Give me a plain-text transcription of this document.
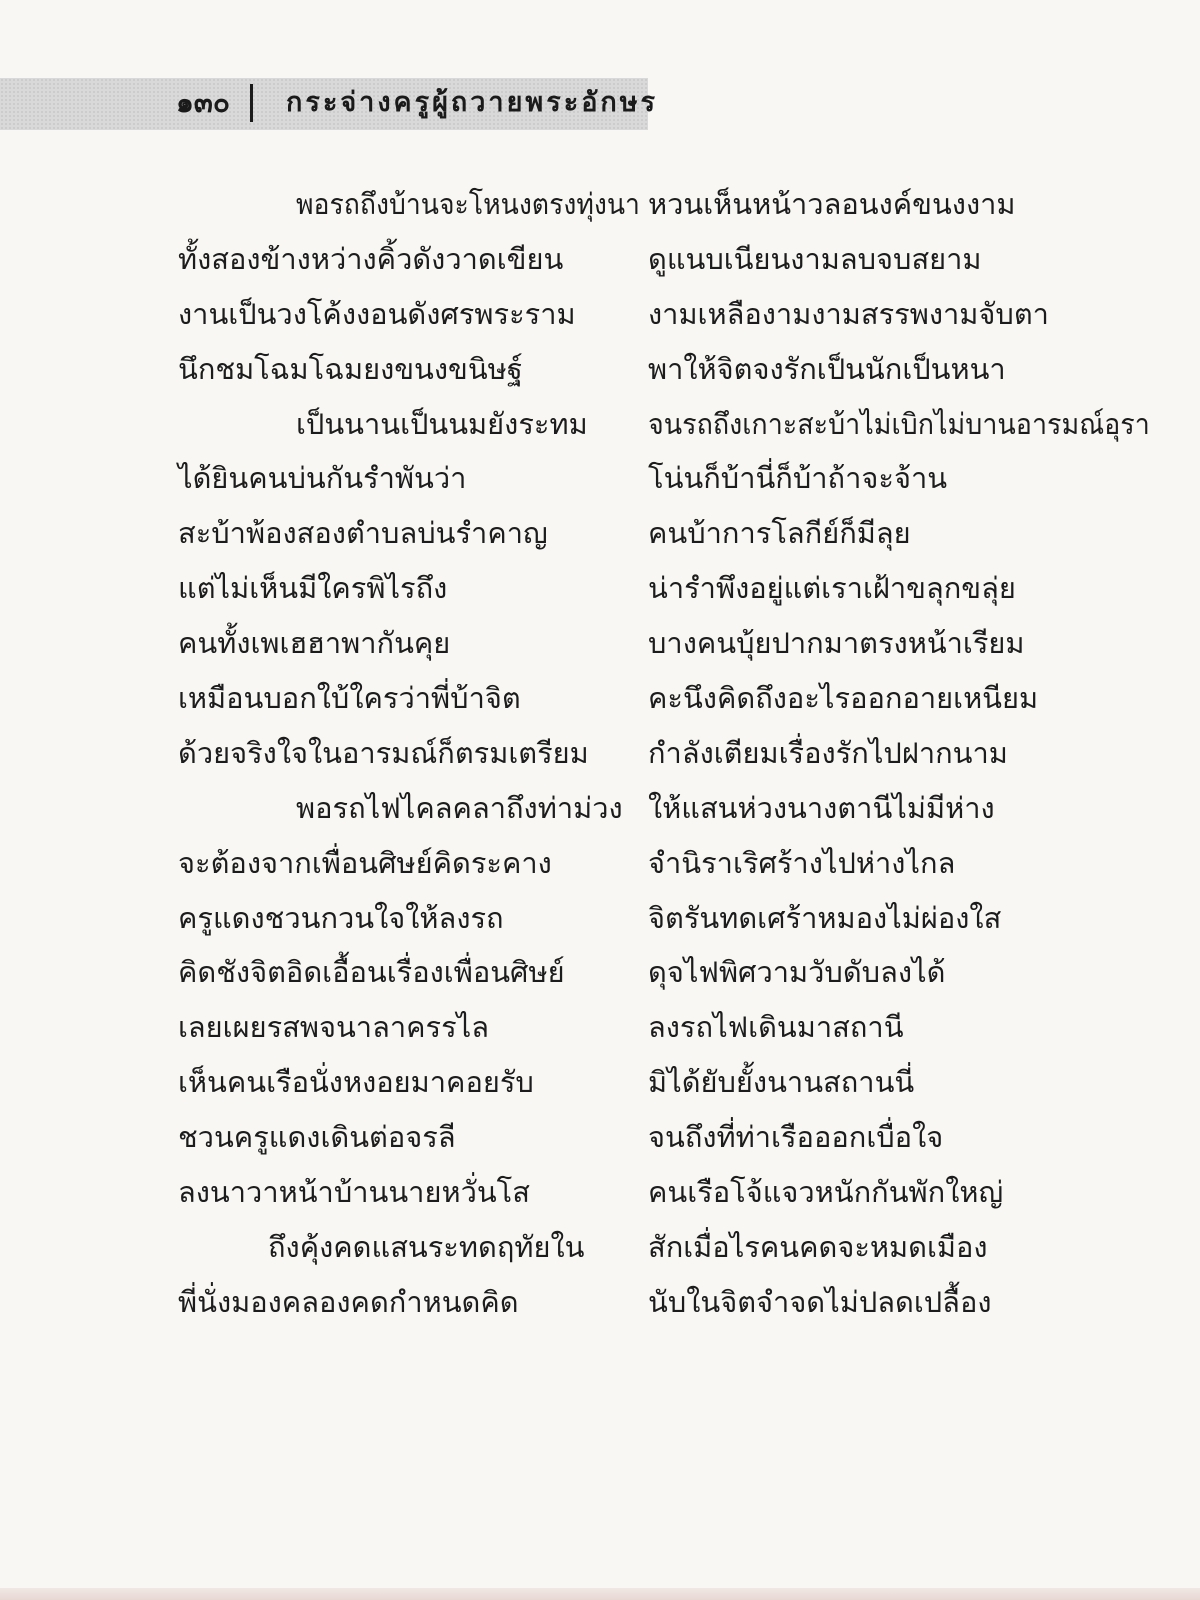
๑๓๐ กระจ่างครูผู้ถวายพระอักษร
พอรถถึงบ้านจะโหนงตรงทุ่งนา หวนเห็นหน้าวลอนงค์ขนงงาม
ทั้งสองข้างหว่างคิ้วดังวาดเขียน	ดูแนบเนียนงามลบจบสยาม
งานเป็นวงโค้งงอนดังศรพระราม งามเหลืองามงามสรรพงามจับตา
นึกชมโฉมโฉมยงขนงขนิษฐ์	พาให้จิตจงรักเป็นนักเป็นหนา
เป็นนานเป็นนมยังระทม จนรถถึงเกาะสะบ้าไม่เบิกไม่บานอารมณ์อุรา
ได้ยินคนบ่นกันรำพันว่า	โน่นก็บ้านี่ก็บ้าถ้าจะจ้าน
สะบ้าพ้องสองตำบลบ่นรำคาญ	คนบ้าการโลกีย์ก็มีลุย
แต่ไม่เห็นมีใครพิไรถึง	น่ารำพึงอยู่แต่เราเฝ้าขลุกขลุ่ย
คนทั้งเพเฮฮาพากันคุย	บางคนบุ้ยปากมาตรงหน้าเรียม
เหมือนบอกใบ้ใครว่าพี่บ้าจิต	คะนึงคิดถึงอะไรออกอายเหนียม
ด้วยจริงใจในอารมณ์ก็ตรมเตรียม กำลังเตียมเรื่องรักไปฝากนาม
พอรถไฟไคลคลาถึงท่าม่วง ให้แสนห่วงนางตานีไม่มีห่าง
จะต้องจากเพื่อนศิษย์คิดระคาง	จำนิราเริศร้างไปห่างไกล
ครูแดงชวนกวนใจให้ลงรถ	จิตรันทดเศร้าหมองไม่ผ่องใส
คิดชังจิตอิดเอื้อนเรื่องเพื่อนศิษย์	ดุจไฟพิศวามวับดับลงได้
เลยเผยรสพจนาลาครรไล	ลงรถไฟเดินมาสถานี
เห็นคนเรือนั่งหงอยมาคอยรับ	มิได้ยับยั้งนานสถานนี่
ชวนครูแดงเดินต่อจรลี	จนถึงที่ท่าเรือออกเบื่อใจ
ลงนาวาหน้าบ้านนายหวั่นโส	คนเรือโจ้แจวหนักกันพักใหญ่
ถึงคุ้งคดแสนระทดฤทัยใน สักเมื่อไรคนคดจะหมดเมือง
พี่นั่งมองคลองคดกำหนดคิด	นับในจิตจำจดไม่ปลดเปลื้อง
